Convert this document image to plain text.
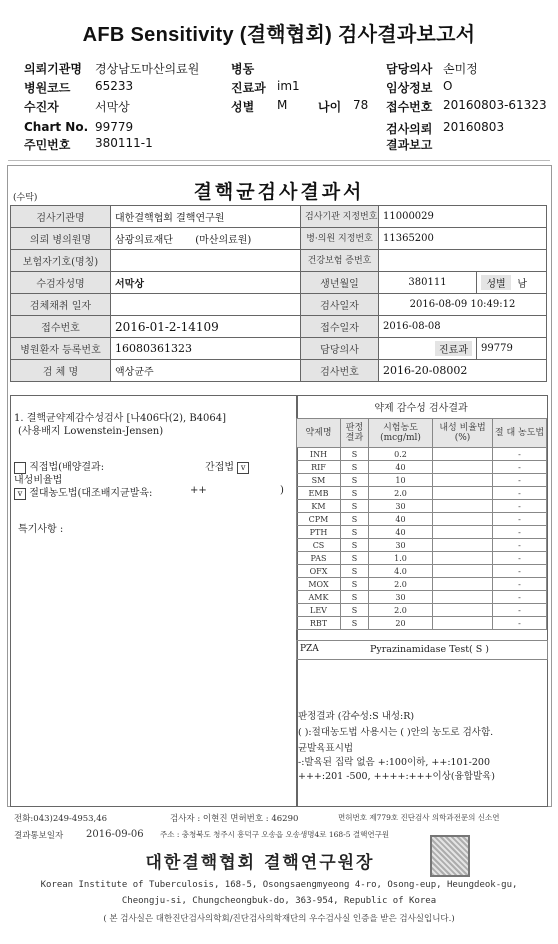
AFB Sensitivity (결핵협회) 검사결과보고서
의뢰기관명 경상남도마산의료원
병원코드 65233
수진자	서막상
Chart No. 99779
주민번호 380111-1
병동
진료과 im1
성별 M	나이 78
담당의사 손미정
임상정보 O
접수번호 20160803-61323
검사의뢰 20160803
결과보고
(수탁)	결핵균검사결과서
검사기관명	대한결핵협회 결핵연구원	검사기관 지정번호	11000029	
의뢰 병의원명	삼광의료재단 (마산의료원)	병·의원 지정번호	11365200	
보험자기호(명칭)		건강보험 증번호		
수검자성명	서막상	생년월일	380111	성별 남
검체채취 일자		검사일자	2016-08-09 10:49:12	
접수번호	2016-01-2-14109	접수일자	2016-08-08	
병원환자 등록번호	16080361323	담당의사	진료과	99779
검 체 명	액상균주	검사번호	2016-20-08002	
1. 결핵균약제감수성검사 [나406다(2), B4064]
(사용배지 Lowenstein-Jensen)
직접법(배양결과:	간접법 v
내성비율법
v 절대농도법(대조배지균발육:	++	)
특기사항 :
약제 감수성 검사결과
약제명	판정 결과	시험농도 (mcg/ml)	내성 비율법(%)	절 대 농도법
INH	S	0.2		-
RIF	S	40		-
SM	S	10		-
EMB	S	2.0		-
KM	S	30		-
CPM	S	40		-
PTH	S	40		-
CS	S	30		-
PAS	S	1.0		-
OFX	S	4.0		-
MOX	S	2.0		-
AMK	S	30		-
LEV	S	2.0		-
RBT	S	20		-
PZA	Pyrazinamidase Test( S )
판정결과 (감수성:S 내성:R)
( ):절대농도법 사용시는 ( )안의 농도로 검사함.
균발육표시법
-:발육된 집락 없음 +:100이하, ++:101-200
+++:201 -500, ++++:+++이상(융합발육)
전화:043)249-4953,46	검사자 : 이현진 면허번호 : 46290	면허번호 제779호 진단검사 의학과전문의 신소연
결과통보일자 2016-09-06 주소 : 충청북도 청주시 흥덕구 오송읍 오송생명4로 168-5 결핵연구원
대한결핵협회 결핵연구원장
Korean Institute of Tuberculosis, 168-5, Osongsaengmyeong 4-ro, Osong-eup, Heungdeok-gu,
Cheongju-si, Chungcheongbuk-do, 363-954, Republic of Korea
( 본 검사실은 대한진단검사의학회/진단검사의학재단의 우수검사실 인증을 받은 검사실입니다.)
